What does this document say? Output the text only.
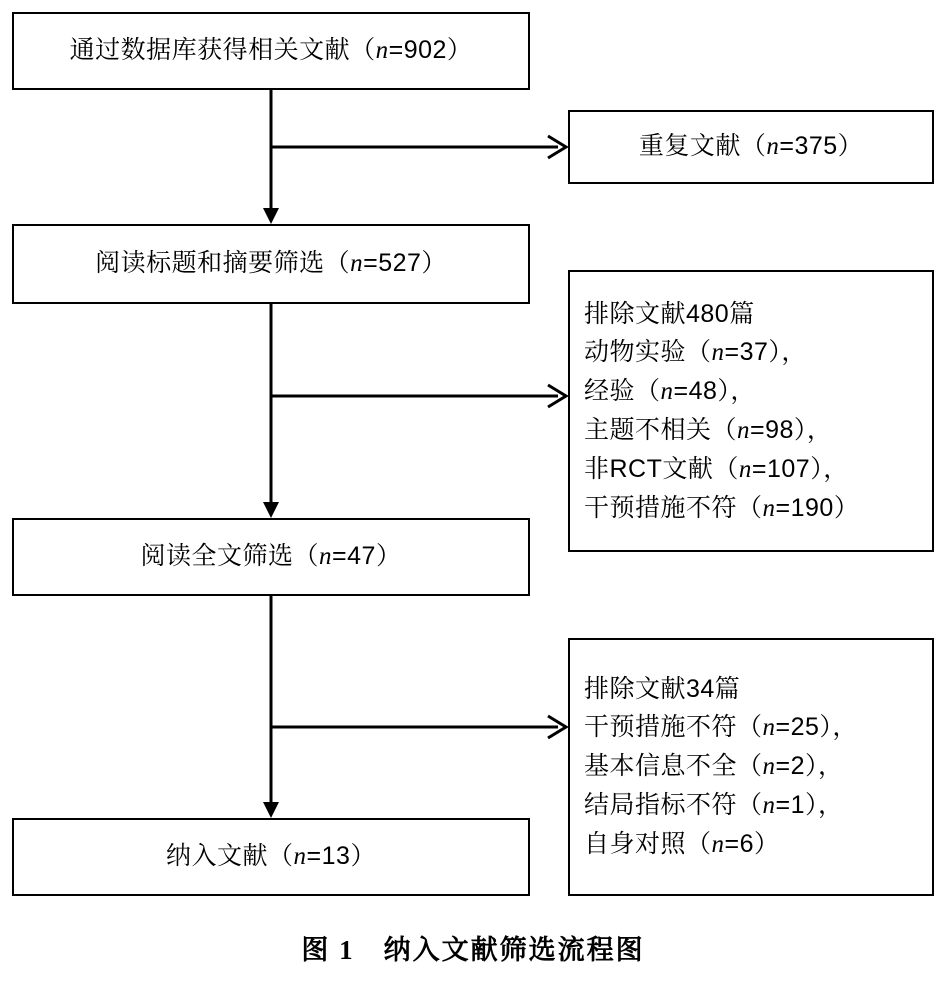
通过数据库获得相关文献（n=902）
重复文献（n=375）
阅读标题和摘要筛选（n=527）
排除文献480篇
动物实验（n=37），
经验（n=48），
主题不相关（n=98），
非RCT文献（n=107），
干预措施不符（n=190）
阅读全文筛选（n=47）
排除文献34篇
干预措施不符（n=25），
基本信息不全（n=2），
结局指标不符（n=1），
自身对照（n=6）
纳入文献（n=13）
图 1　纳入文献筛选流程图
